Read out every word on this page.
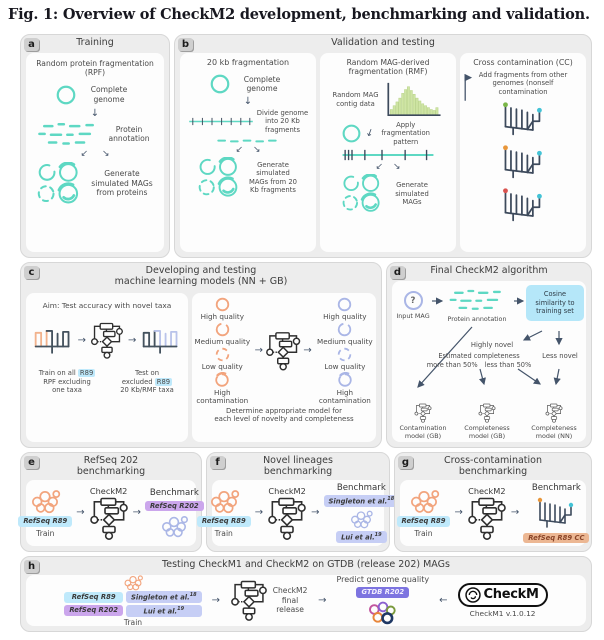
Fig. 1: Overview of CheckM2 development, benchmarking and validation.
a	Training
Random protein fragmentation (RPF)
Complete genome
↓
Protein annotation
↙↘
Generate simulated MAGs from proteins
b	Validation and testing
20 kb fragmentation
Complete genome
↓
Divide genome into 20 Kb fragments
↙↘
Generate simulated MAGs from 20 Kb fragments
Random MAG-derived fragmentation (RMF)
Random MAG contig data
↓
Apply fragmentation pattern
↙↘
Generate simulated MAGs
Cross contamination (CC)
Add fragments from other genomes (nonself contamination
c	Developing and testing
machine learning models (NN + GB)
Aim: Test accuracy with novel taxa
→	→
Train on all R89
RPF excluding
one taxa
Test on
excluded R89
20 Kb/RMF taxa
High quality
Medium quality
Low quality
High contamination
→	→
High quality
Medium quality
Low quality
High contamination
Determine appropriate model for
each level of novelty and completeness
d	Final CheckM2 algorithm
?
Input MAG	Protein annotation
Cosine similarity to training set
Highly novel
Estimated completeness
more than 50% less than 50%
Less novel
Contamination model (GB)
Completeness model (GB)
Completeness model (NN)
e	RefSeq 202
benchmarking
RefSeq R89
Train
→
CheckM2
→
Benchmark
RefSeq R202
f	Novel lineages
benchmarking
RefSeq R89
Train
→
CheckM2
→
Benchmark
Singleton et al.$^{18}$
Lui et al.$^{19}$
g	Cross-contamination
benchmarking
RefSeq R89
Train
→
CheckM2
→
Benchmark
RefSeq R89 CC
h	Testing CheckM1 and CheckM2 on GTDB (release 202) MAGs
RefSeq R89
RefSeq R202
Singleton et al.$^{18}$
Lui et al.$^{19}$
Train
→
CheckM2 final release
→
Predict genome quality
GTDB R202
←	CheckM
CheckM1 v.1.0.12
